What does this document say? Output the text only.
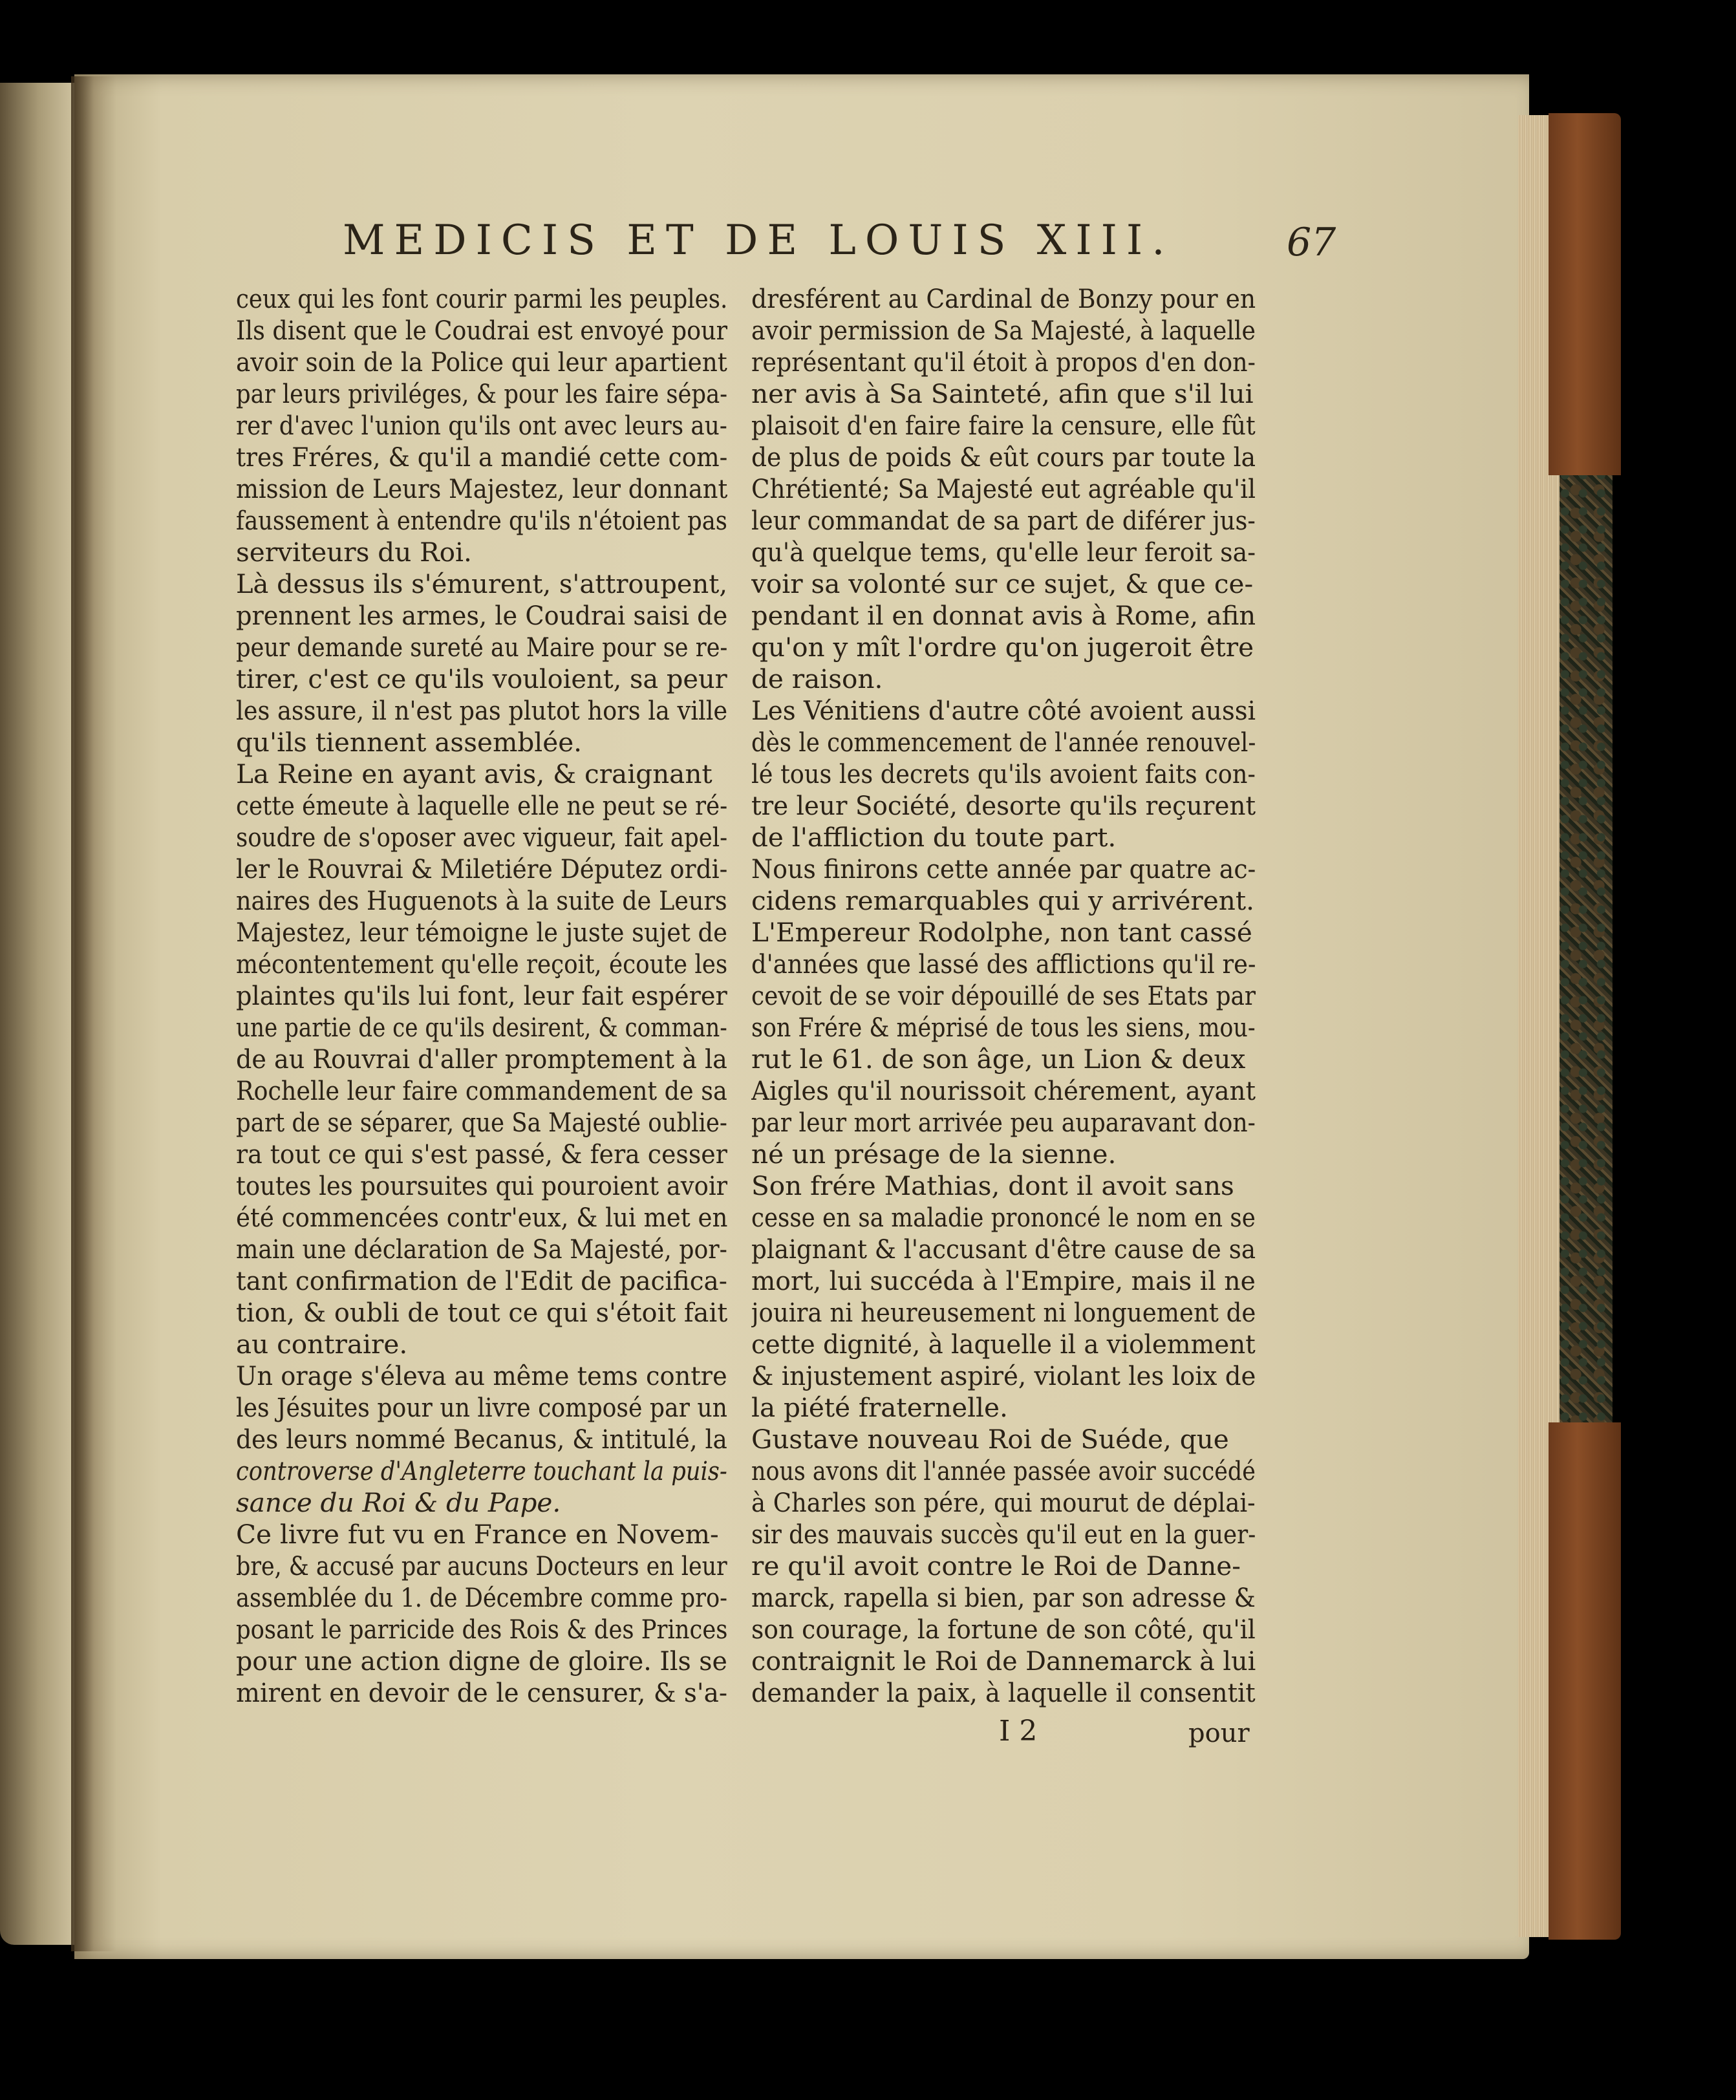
MEDICIS ET DE LOUIS XIII.	67
ceux qui les font courir parmi les peuples.
Ils disent que le Coudrai est envoyé pour
avoir soin de la Police qui leur apartient
par leurs priviléges, & pour les faire sépa-
rer d'avec l'union qu'ils ont avec leurs au-
tres Fréres, & qu'il a mandié cette com-
mission de Leurs Majestez, leur donnant
faussement à entendre qu'ils n'étoient pas
serviteurs du Roi.
Là dessus ils s'émurent, s'attroupent,
prennent les armes, le Coudrai saisi de
peur demande sureté au Maire pour se re-
tirer, c'est ce qu'ils vouloient, sa peur
les assure, il n'est pas plutot hors la ville
qu'ils tiennent assemblée.
La Reine en ayant avis, & craignant
cette émeute à laquelle elle ne peut se ré-
soudre de s'oposer avec vigueur, fait apel-
ler le Rouvrai & Miletiére Députez ordi-
naires des Huguenots à la suite de Leurs
Majestez, leur témoigne le juste sujet de
mécontentement qu'elle reçoit, écoute les
plaintes qu'ils lui font, leur fait espérer
une partie de ce qu'ils desirent, & comman-
de au Rouvrai d'aller promptement à la
Rochelle leur faire commandement de sa
part de se séparer, que Sa Majesté oublie-
ra tout ce qui s'est passé, & fera cesser
toutes les poursuites qui pouroient avoir
été commencées contr'eux, & lui met en
main une déclaration de Sa Majesté, por-
tant confirmation de l'Edit de pacifica-
tion, & oubli de tout ce qui s'étoit fait
au contraire.
Un orage s'éleva au même tems contre
les Jésuites pour un livre composé par un
des leurs nommé Becanus, & intitulé, la
controverse d'Angleterre touchant la puis-
sance du Roi & du Pape.
Ce livre fut vu en France en Novem-
bre, & accusé par aucuns Docteurs en leur
assemblée du 1. de Décembre comme pro-
posant le parricide des Rois & des Princes
pour une action digne de gloire. Ils se
mirent en devoir de le censurer, & s'a-
dresférent au Cardinal de Bonzy pour en
avoir permission de Sa Majesté, à laquelle
représentant qu'il étoit à propos d'en don-
ner avis à Sa Sainteté, afin que s'il lui
plaisoit d'en faire faire la censure, elle fût
de plus de poids & eût cours par toute la
Chrétienté; Sa Majesté eut agréable qu'il
leur commandat de sa part de diférer jus-
qu'à quelque tems, qu'elle leur feroit sa-
voir sa volonté sur ce sujet, & que ce-
pendant il en donnat avis à Rome, afin
qu'on y mît l'ordre qu'on jugeroit être
de raison.
Les Vénitiens d'autre côté avoient aussi
dès le commencement de l'année renouvel-
lé tous les decrets qu'ils avoient faits con-
tre leur Société, desorte qu'ils reçurent
de l'affliction du toute part.
Nous finirons cette année par quatre ac-
cidens remarquables qui y arrivérent.
L'Empereur Rodolphe, non tant cassé
d'années que lassé des afflictions qu'il re-
cevoit de se voir dépouillé de ses Etats par
son Frére & méprisé de tous les siens, mou-
rut le 61. de son âge, un Lion & deux
Aigles qu'il nourissoit chérement, ayant
par leur mort arrivée peu auparavant don-
né un présage de la sienne.
Son frére Mathias, dont il avoit sans
cesse en sa maladie prononcé le nom en se
plaignant & l'accusant d'être cause de sa
mort, lui succéda à l'Empire, mais il ne
jouira ni heureusement ni longuement de
cette dignité, à laquelle il a violemment
& injustement aspiré, violant les loix de
la piété fraternelle.
Gustave nouveau Roi de Suéde, que
nous avons dit l'année passée avoir succédé
à Charles son pére, qui mourut de déplai-
sir des mauvais succès qu'il eut en la guer-
re qu'il avoit contre le Roi de Danne-
marck, rapella si bien, par son adresse &
son courage, la fortune de son côté, qu'il
contraignit le Roi de Dannemarck à lui
demander la paix, à laquelle il consentit
I 2	pour
